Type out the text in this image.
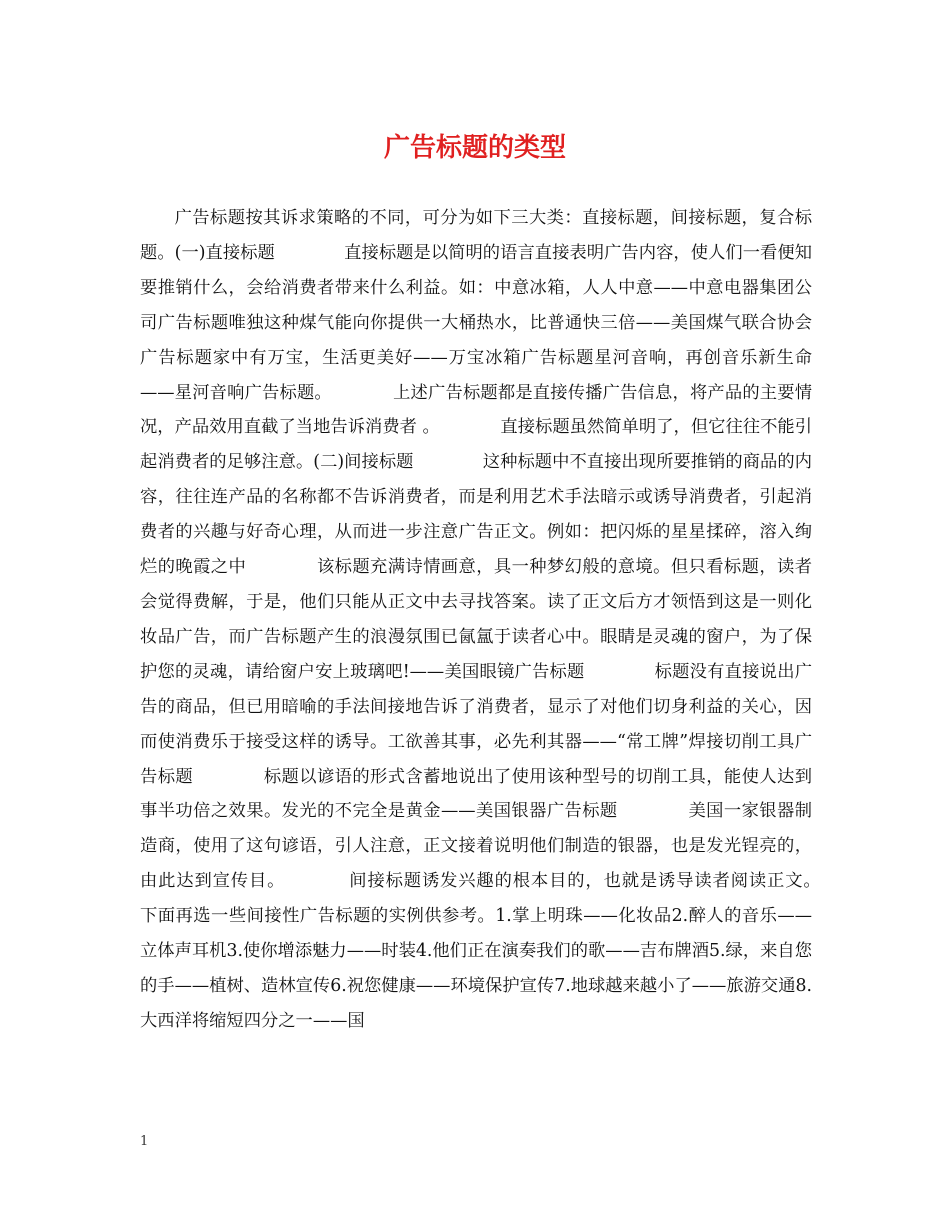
广告标题的类型

广告标题按其诉求策略的不同，可分为如下三大类：直接标题，间接标题，复合标题。(一)直接标题　　　　直接标题是以简明的语言直接表明广告内容，使人们一看便知要推销什么，会给消费者带来什么利益。如：中意冰箱，人人中意——中意电器集团公司广告标题唯独这种煤气能向你提供一大桶热水，比普通快三倍——美国煤气联合协会广告标题家中有万宝，生活更美好——万宝冰箱广告标题星河音响，再创音乐新生命——星河音响广告标题。　　　　上述广告标题都是直接传播广告信息，将产品的主要情况，产品效用直截了当地告诉消费者 。　　　　直接标题虽然简单明了，但它往往不能引起消费者的足够注意。(二)间接标题　　　　这种标题中不直接出现所要推销的商品的内容，往往连产品的名称都不告诉消费者，而是利用艺术手法暗示或诱导消费者，引起消费者的兴趣与好奇心理，从而进一步注意广告正文。例如：把闪烁的星星揉碎，溶入绚烂的晚霞之中　　　　该标题充满诗情画意，具一种梦幻般的意境。但只看标题，读者会觉得费解，于是，他们只能从正文中去寻找答案。读了正文后方才领悟到这是一则化妆品广告，而广告标题产生的浪漫氛围已氤氲于读者心中。眼睛是灵魂的窗户，为了保护您的灵魂，请给窗户安上玻璃吧!——美国眼镜广告标题　　　　标题没有直接说出广告的商品，但已用暗喻的手法间接地告诉了消费者，显示了对他们切身利益的关心，因而使消费乐于接受这样的诱导。工欲善其事，必先利其器——“常工牌”焊接切削工具广告标题　　　　标题以谚语的形式含蓄地说出了使用该种型号的切削工具，能使人达到事半功倍之效果。发光的不完全是黄金——美国银器广告标题　　　　美国一家银器制造商，使用了这句谚语，引人注意，正文接着说明他们制造的银器，也是发光锃亮的，由此达到宣传目。　　　　间接标题诱发兴趣的根本目的，也就是诱导读者阅读正文。　　　　下面再选一些间接性广告标题的实例供参考。1.掌上明珠——化妆品2.醉人的音乐——立体声耳机3.使你增添魅力——时装4.他们正在演奏我们的歌——吉布牌酒5.绿，来自您的手——植树、造林宣传6.祝您健康——环境保护宣传7.地球越来越小了——旅游交通8.大西洋将缩短四分之一——国

1
